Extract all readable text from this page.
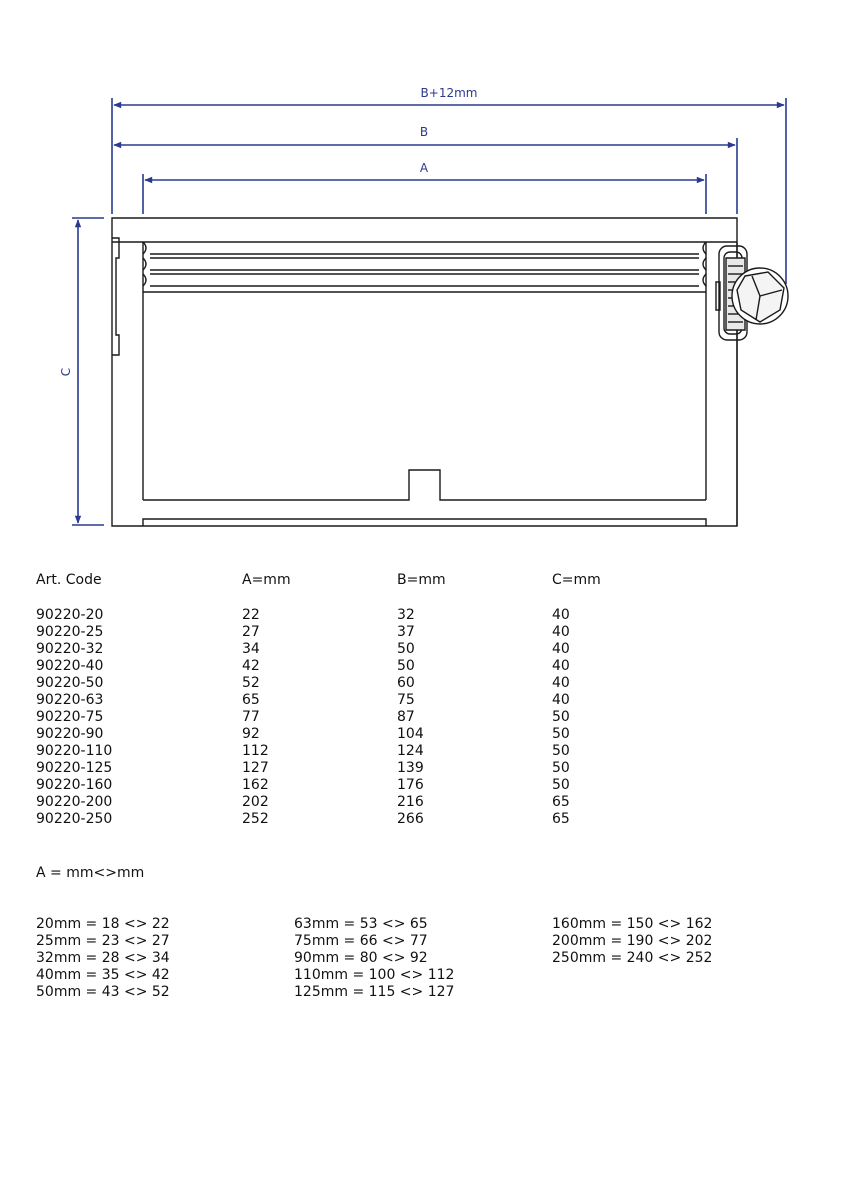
B+12mm
B
A
C
Art. Code	A=mm	B=mm	C=mm
90220-20	22	32	40
90220-25	27	37	40
90220-32	34	50	40
90220-40	42	50	40
90220-50	52	60	40
90220-63	65	75	40
90220-75	77	87	50
90220-90	92	104	50
90220-110	112	124	50
90220-125	127	139	50
90220-160	162	176	50
90220-200	202	216	65
90220-250	252	266	65
A = mm<>mm
20mm = 18 <> 22
25mm = 23 <> 27
32mm = 28 <> 34
40mm = 35 <> 42
50mm = 43 <> 52
63mm = 53 <> 65
75mm = 66 <> 77
90mm = 80 <> 92
110mm = 100 <> 112
125mm = 115 <> 127
160mm = 150 <> 162
200mm = 190 <> 202
250mm = 240 <> 252
